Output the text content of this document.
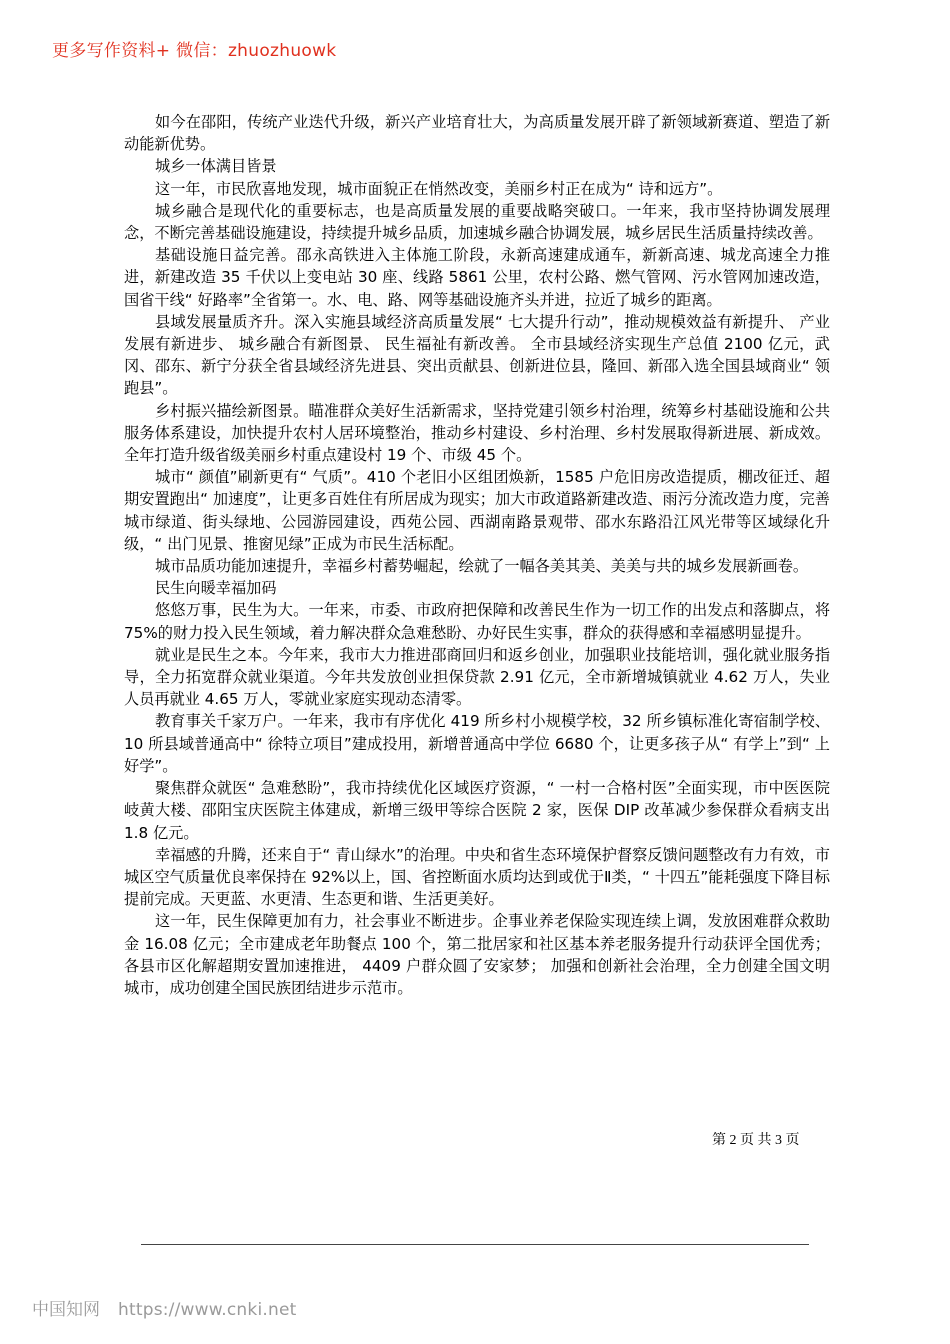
更多写作资料+ 微信：zhuozhuowk

如今在邵阳，传统产业迭代升级，新兴产业培育壮大，为高质量发展开辟了新领域新赛道、塑造了新动能新优势。

城乡一体满目皆景

这一年，市民欣喜地发现，城市面貌正在悄然改变，美丽乡村正在成为“ 诗和远方”。

城乡融合是现代化的重要标志，也是高质量发展的重要战略突破口。一年来，我市坚持协调发展理念，不断完善基础设施建设，持续提升城乡品质，加速城乡融合协调发展，城乡居民生活质量持续改善。

基础设施日益完善。邵永高铁进入主体施工阶段，永新高速建成通车，新新高速、城龙高速全力推进，新建改造 35 千伏以上变电站 30 座、线路 5861 公里，农村公路、燃气管网、污水管网加速改造，国省干线“ 好路率”全省第一。水、电、路、网等基础设施齐头并进，拉近了城乡的距离。

县域发展量质齐升。深入实施县域经济高质量发展“ 七大提升行动”，推动规模效益有新提升、 产业发展有新进步、 城乡融合有新图景、 民生福祉有新改善。 全市县域经济实现生产总值 2100 亿元，武冈、邵东、新宁分获全省县域经济先进县、突出贡献县、创新进位县，隆回、新邵入选全国县域商业“ 领跑县”。

乡村振兴描绘新图景。瞄准群众美好生活新需求，坚持党建引领乡村治理，统筹乡村基础设施和公共服务体系建设，加快提升农村人居环境整治，推动乡村建设、乡村治理、乡村发展取得新进展、新成效。全年打造升级省级美丽乡村重点建设村 19 个、市级 45 个。

城市“ 颜值”刷新更有“ 气质”。410 个老旧小区组团焕新，1585 户危旧房改造提质，棚改征迁、超期安置跑出“ 加速度”，让更多百姓住有所居成为现实；加大市政道路新建改造、雨污分流改造力度，完善城市绿道、街头绿地、公园游园建设，西苑公园、西湖南路景观带、邵水东路沿江风光带等区域绿化升级，“ 出门见景、推窗见绿”正成为市民生活标配。

城市品质功能加速提升，幸福乡村蓄势崛起，绘就了一幅各美其美、美美与共的城乡发展新画卷。

民生向暖幸福加码

悠悠万事，民生为大。一年来，市委、市政府把保障和改善民生作为一切工作的出发点和落脚点，将 75%的财力投入民生领域，着力解决群众急难愁盼、办好民生实事，群众的获得感和幸福感明显提升。

就业是民生之本。今年来，我市大力推进邵商回归和返乡创业，加强职业技能培训，强化就业服务指导，全力拓宽群众就业渠道。今年共发放创业担保贷款 2.91 亿元，全市新增城镇就业 4.62 万人，失业人员再就业 4.65 万人，零就业家庭实现动态清零。

教育事关千家万户。一年来，我市有序优化 419 所乡村小规模学校，32 所乡镇标准化寄宿制学校、10 所县域普通高中“ 徐特立项目”建成投用，新增普通高中学位 6680 个，让更多孩子从“ 有学上”到“ 上好学”。

聚焦群众就医“ 急难愁盼”，我市持续优化区域医疗资源，“ 一村一合格村医”全面实现，市中医医院岐黄大楼、邵阳宝庆医院主体建成，新增三级甲等综合医院 2 家，医保 DIP 改革减少参保群众看病支出 1.8 亿元。

幸福感的升腾，还来自于“ 青山绿水”的治理。中央和省生态环境保护督察反馈问题整改有力有效，市城区空气质量优良率保持在 92%以上，国、省控断面水质均达到或优于Ⅱ类，“ 十四五”能耗强度下降目标提前完成。天更蓝、水更清、生态更和谐、生活更美好。

这一年，民生保障更加有力，社会事业不断进步。企事业养老保险实现连续上调，发放困难群众救助金 16.08 亿元；全市建成老年助餐点 100 个，第二批居家和社区基本养老服务提升行动获评全国优秀； 各县市区化解超期安置加速推进， 4409 户群众圆了安家梦； 加强和创新社会治理，全力创建全国文明城市，成功创建全国民族团结进步示范市。

第 2 页 共 3 页
中国知网 https://www.cnki.net
